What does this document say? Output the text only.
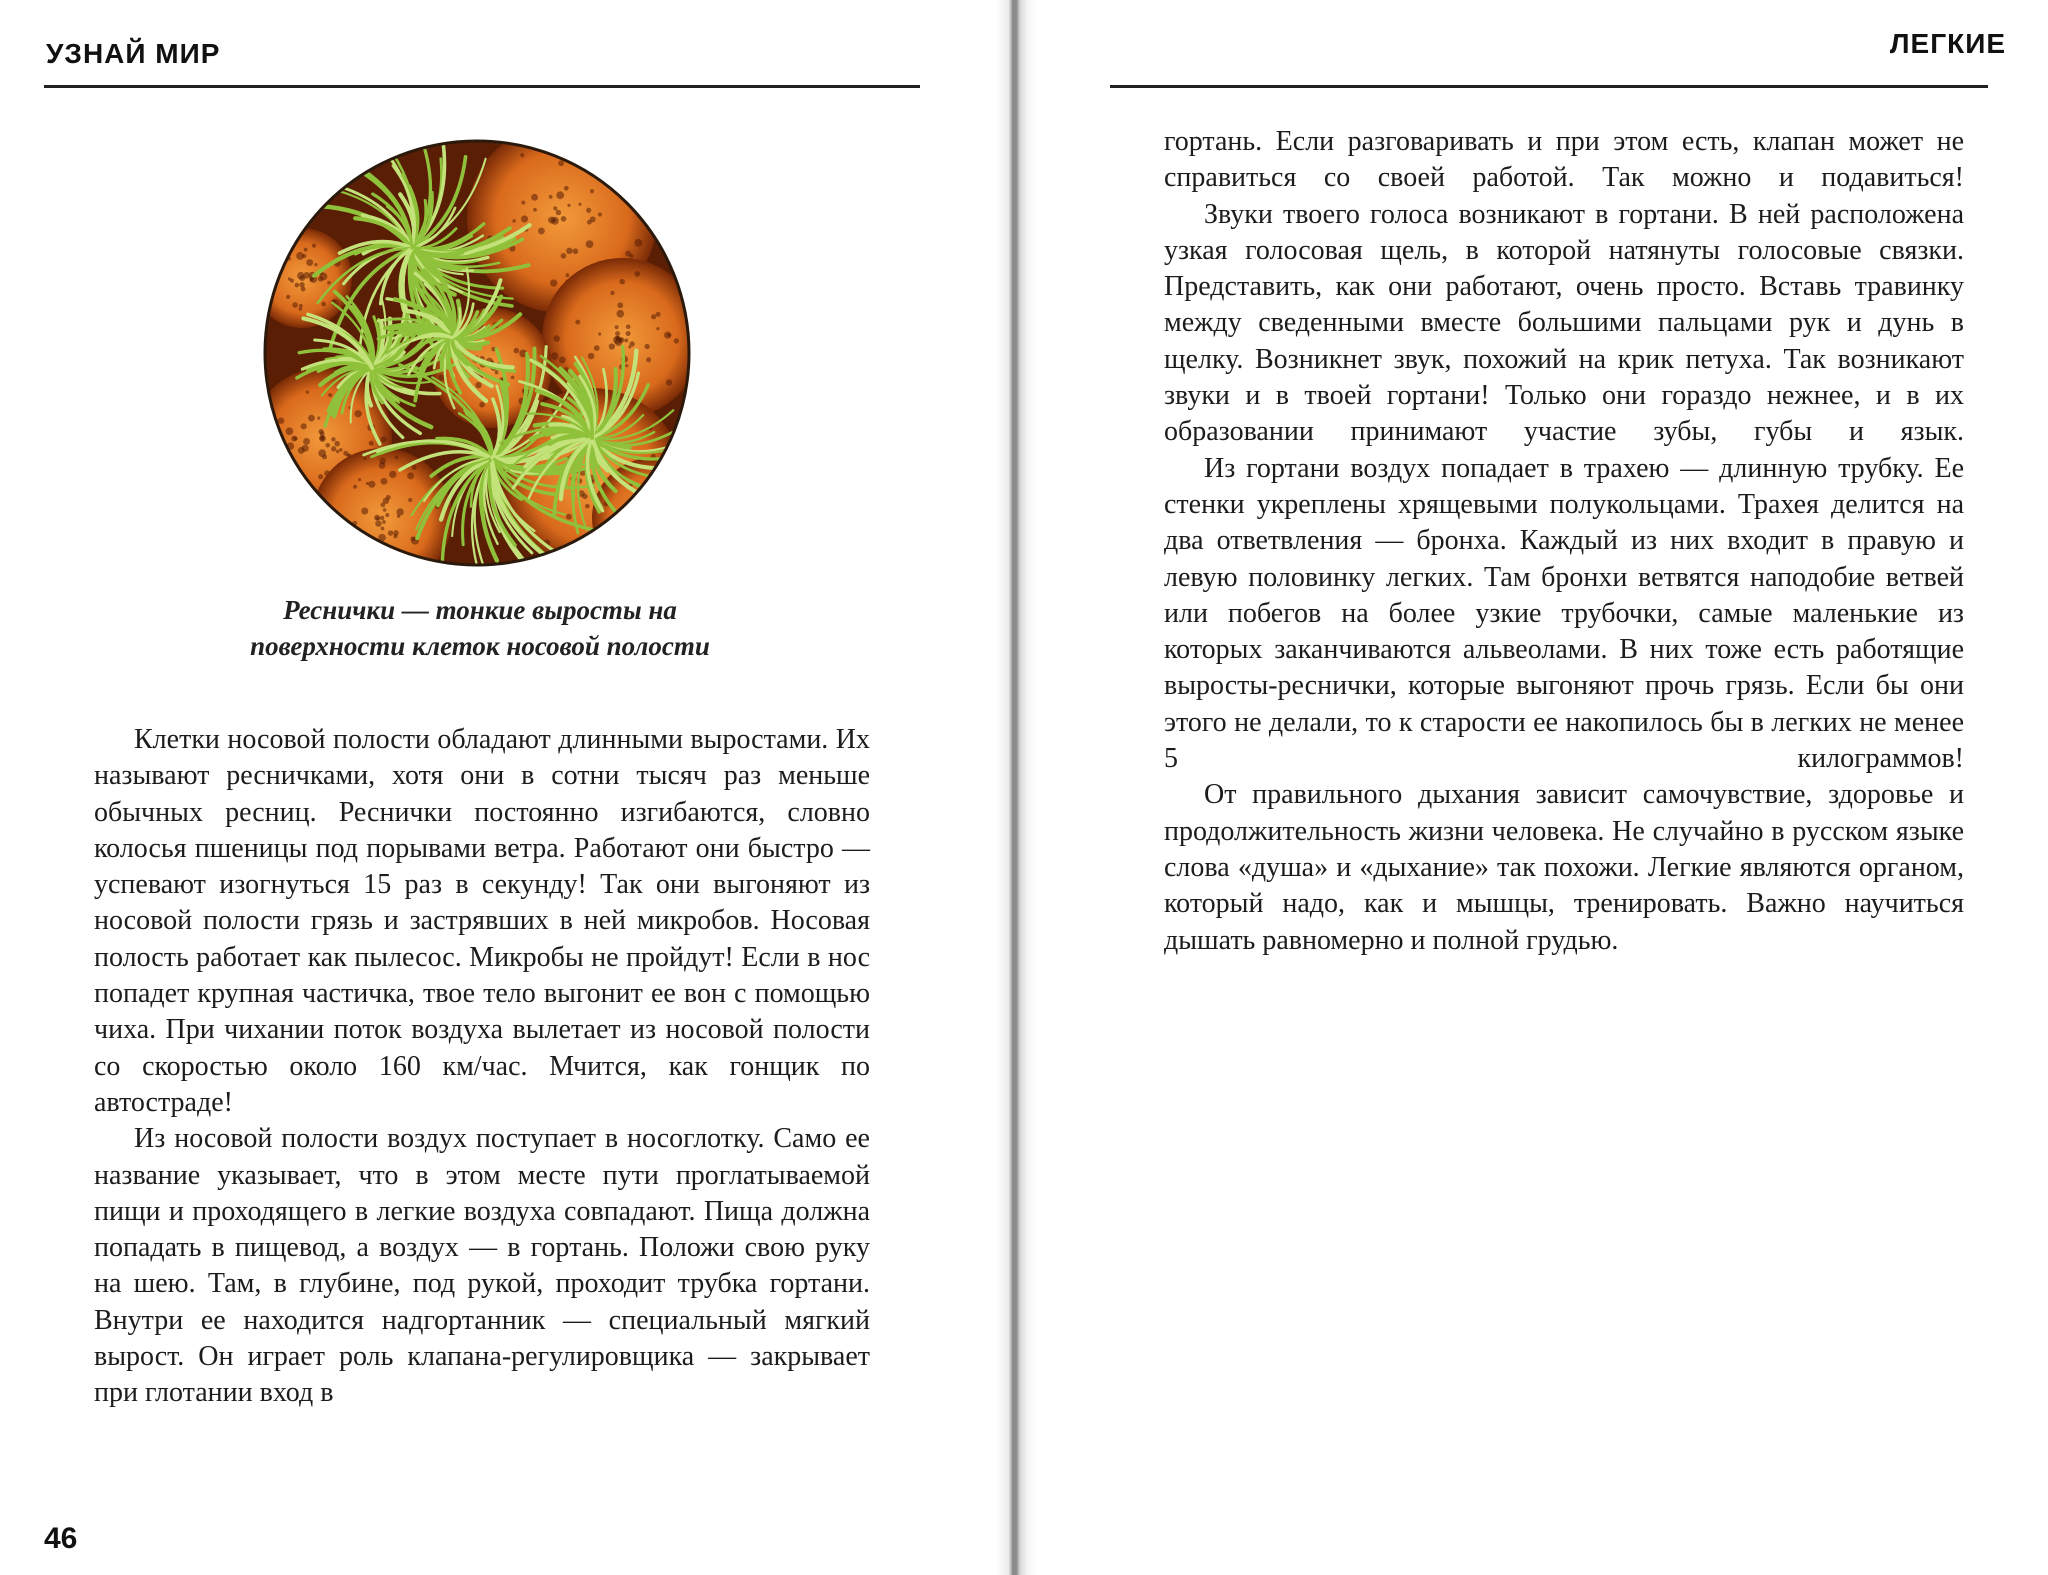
УЗНАЙ МИР
Реснички — тонкие выросты на
поверхности клеток носовой полости

Клетки носовой полости обладают длинными выростами. Их называют ресничками, хотя они в сотни тысяч раз меньше обычных ресниц. Реснички постоянно изгибаются, словно колосья пшеницы под порывами ветра. Работают они быстро — успевают изогнуться 15 раз в секунду! Так они выгоняют из носовой полости грязь и застрявших в ней микробов. Носовая полость работает как пылесос. Микробы не пройдут! Если в нос попадет крупная частичка, твое тело выгонит ее вон с помощью чиха. При чихании поток воздуха вылетает из носовой полости со скоростью около 160 км/час. Мчится, как гонщик по автостраде!

Из носовой полости воздух поступает в носоглотку. Само ее название указывает, что в этом месте пути проглатываемой пищи и проходящего в легкие воздуха совпадают. Пища должна попадать в пищевод, а воздух — в гортань. Положи свою руку на шею. Там, в глубине, под рукой, проходит трубка гортани. Внутри ее находится надгортанник — специальный мягкий вырост. Он играет роль клапана-регулировщика — закрывает при глотании вход в

46
ЛЕГКИЕ

гортань. Если разговаривать и при этом есть, клапан может не справиться со своей работой. Так можно и подавиться!

Звуки твоего голоса возникают в гортани. В ней расположена узкая голосовая щель, в которой натянуты голосовые связки. Представить, как они работают, очень просто. Вставь травинку между сведенными вместе большими пальцами рук и дунь в щелку. Возникнет звук, похожий на крик петуха. Так возникают звуки и в твоей гортани! Только они гораздо нежнее, и в их образовании принимают участие зубы, губы и язык.

Из гортани воздух попадает в трахею — длинную трубку. Ее стенки укреплены хрящевыми полукольцами. Трахея делится на два ответвления — бронха. Каждый из них входит в правую и левую половинку легких. Там бронхи ветвятся наподобие ветвей или побегов на более узкие трубочки, самые маленькие из которых заканчиваются альвеолами. В них тоже есть работящие выросты-реснички, которые выгоняют прочь грязь. Если бы они этого не делали, то к старости ее накопилось бы в легких не менее 5 килограммов!

От правильного дыхания зависит самочувствие, здоровье и продолжительность жизни человека. Не случайно в русском языке слова «душа» и «дыхание» так похожи. Легкие являются органом, который надо, как и мышцы, тренировать. Важно научиться дышать равномерно и полной грудью.
